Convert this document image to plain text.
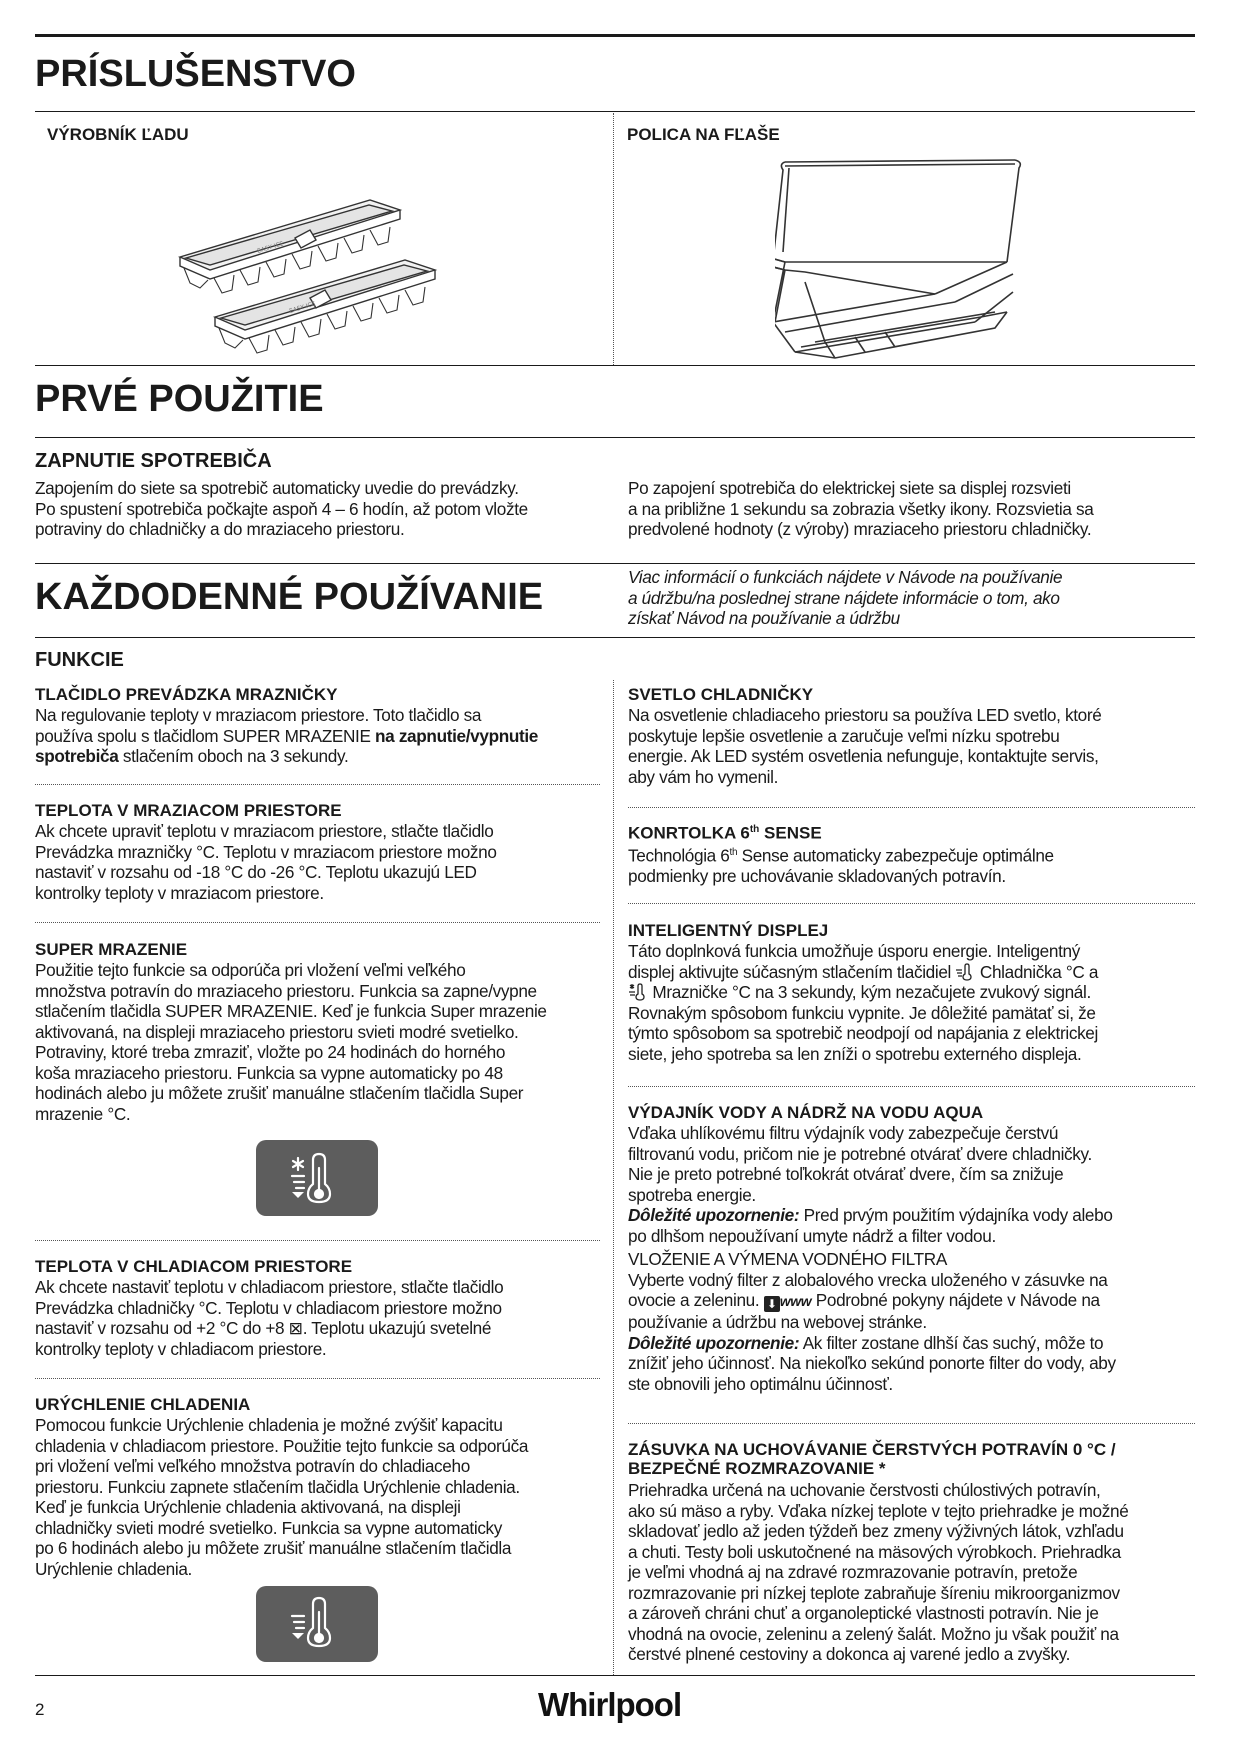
PRÍSLUŠENSTVO
VÝROBNÍK ĽADU	POLICA NA FĽAŠE
EASY ICE
EASY ICE
PRVÉ POUŽITIE
ZAPNUTIE SPOTREBIČA
Zapojením do siete sa spotrebič automaticky uvedie do prevádzky.
Po spustení spotrebiča počkajte aspoň 4 – 6 hodín, až potom vložte
potraviny do chladničky a do mraziaceho priestoru.
Po zapojení spotrebiča do elektrickej siete sa displej rozsvieti
a na približne 1 sekundu sa zobrazia všetky ikony. Rozsvietia sa
predvolené hodnoty (z výroby) mraziaceho priestoru chladničky.
KAŽDODENNÉ POUŽÍVANIE	Viac informácií o funkciách nájdete v Návode na používanie
a údržbu/na poslednej strane nájdete informácie o tom, ako
získať Návod na používanie a údržbu
FUNKCIE
TLAČIDLO PREVÁDZKA MRAZNIČKY
Na regulovanie teploty v mraziacom priestore. Toto tlačidlo sa
používa spolu s tlačidlom SUPER MRAZENIE na zapnutie/vypnutie
spotrebiča stlačením oboch na 3 sekundy.
TEPLOTA V MRAZIACOM PRIESTORE
Ak chcete upraviť teplotu v mraziacom priestore, stlačte tlačidlo
Prevádzka mrazničky °C. Teplotu v mraziacom priestore možno
nastaviť v rozsahu od -18 °C do -26 °C. Teplotu ukazujú LED
kontrolky teploty v mraziacom priestore.
SUPER MRAZENIE
Použitie tejto funkcie sa odporúča pri vložení veľmi veľkého
množstva potravín do mraziaceho priestoru. Funkcia sa zapne/vypne
stlačením tlačidla SUPER MRAZENIE. Keď je funkcia Super mrazenie
aktivovaná, na displeji mraziaceho priestoru svieti modré svetielko.
Potraviny, ktoré treba zmraziť, vložte po 24 hodinách do horného
koša mraziaceho priestoru. Funkcia sa vypne automaticky po 48
hodinách alebo ju môžete zrušiť manuálne stlačením tlačidla Super
mrazenie °C.
TEPLOTA V CHLADIACOM PRIESTORE
Ak chcete nastaviť teplotu v chladiacom priestore, stlačte tlačidlo
Prevádzka chladničky °C. Teplotu v chladiacom priestore možno
nastaviť v rozsahu od +2 °C do +8 ⊠. Teplotu ukazujú svetelné
kontrolky teploty v chladiacom priestore.
URÝCHLENIE CHLADENIA
Pomocou funkcie Urýchlenie chladenia je možné zvýšiť kapacitu
chladenia v chladiacom priestore. Použitie tejto funkcie sa odporúča
pri vložení veľmi veľkého množstva potravín do chladiaceho
priestoru. Funkciu zapnete stlačením tlačidla Urýchlenie chladenia.
Keď je funkcia Urýchlenie chladenia aktivovaná, na displeji
chladničky svieti modré svetielko. Funkcia sa vypne automaticky
po 6 hodinách alebo ju môžete zrušiť manuálne stlačením tlačidla
Urýchlenie chladenia.
SVETLO CHLADNIČKY
Na osvetlenie chladiaceho priestoru sa používa LED svetlo, ktoré
poskytuje lepšie osvetlenie a zaručuje veľmi nízku spotrebu
energie. Ak LED systém osvetlenia nefunguje, kontaktujte servis,
aby vám ho vymenil.
KONRTOLKA 6th SENSE
Technológia 6th Sense automaticky zabezpečuje optimálne
podmienky pre uchovávanie skladovaných potravín.
INTELIGENTNÝ DISPLEJ
Táto doplnková funkcia umožňuje úsporu energie. Inteligentný
displej aktivujte súčasným stlačením tlačidiel  Chladnička °C a
Mrazničke °C na 3 sekundy, kým nezačujete zvukový signál.
Rovnakým spôsobom funkciu vypnite. Je dôležité pamätať si, že
týmto spôsobom sa spotrebič neodpojí od napájania z elektrickej
siete, jeho spotreba sa len zníži o spotrebu externého displeja.
VÝDAJNÍK VODY A NÁDRŽ NA VODU AQUA
Vďaka uhlíkovému filtru výdajník vody zabezpečuje čerstvú
filtrovanú vodu, pričom nie je potrebné otvárať dvere chladničky.
Nie je preto potrebné toľkokrát otvárať dvere, čím sa znižuje
spotreba energie.
Dôležité upozornenie: Pred prvým použitím výdajníka vody alebo
po dlhšom nepoužívaní umyte nádrž a filter vodou.
VLOŽENIE A VÝMENA VODNÉHO FILTRA
Vyberte vodný filter z alobalového vrecka uloženého v zásuvke na
ovocie a zeleninu. ⬇ www Podrobné pokyny nájdete v Návode na
používanie a údržbu na webovej stránke.
Dôležité upozornenie: Ak filter zostane dlhší čas suchý, môže to
znížiť jeho účinnosť. Na niekoľko sekúnd ponorte filter do vody, aby
ste obnovili jeho optimálnu účinnosť.
ZÁSUVKA NA UCHOVÁVANIE ČERSTVÝCH POTRAVÍN 0 °C /
BEZPEČNÉ ROZMRAZOVANIE *
Priehradka určená na uchovanie čerstvosti chúlostivých potravín,
ako sú mäso a ryby. Vďaka nízkej teplote v tejto priehradke je možné
skladovať jedlo až jeden týždeň bez zmeny výživných látok, vzhľadu
a chuti. Testy boli uskutočnené na mäsových výrobkoch. Priehradka
je veľmi vhodná aj na zdravé rozmrazovanie potravín, pretože
rozmrazovanie pri nízkej teplote zabraňuje šíreniu mikroorganizmov
a zároveň chráni chuť a organoleptické vlastnosti potravín. Nie je
vhodná na ovocie, zeleninu a zelený šalát. Možno ju však použiť na
čerstvé plnené cestoviny a dokonca aj varené jedlo a zvyšky.
2	Whirlpool
